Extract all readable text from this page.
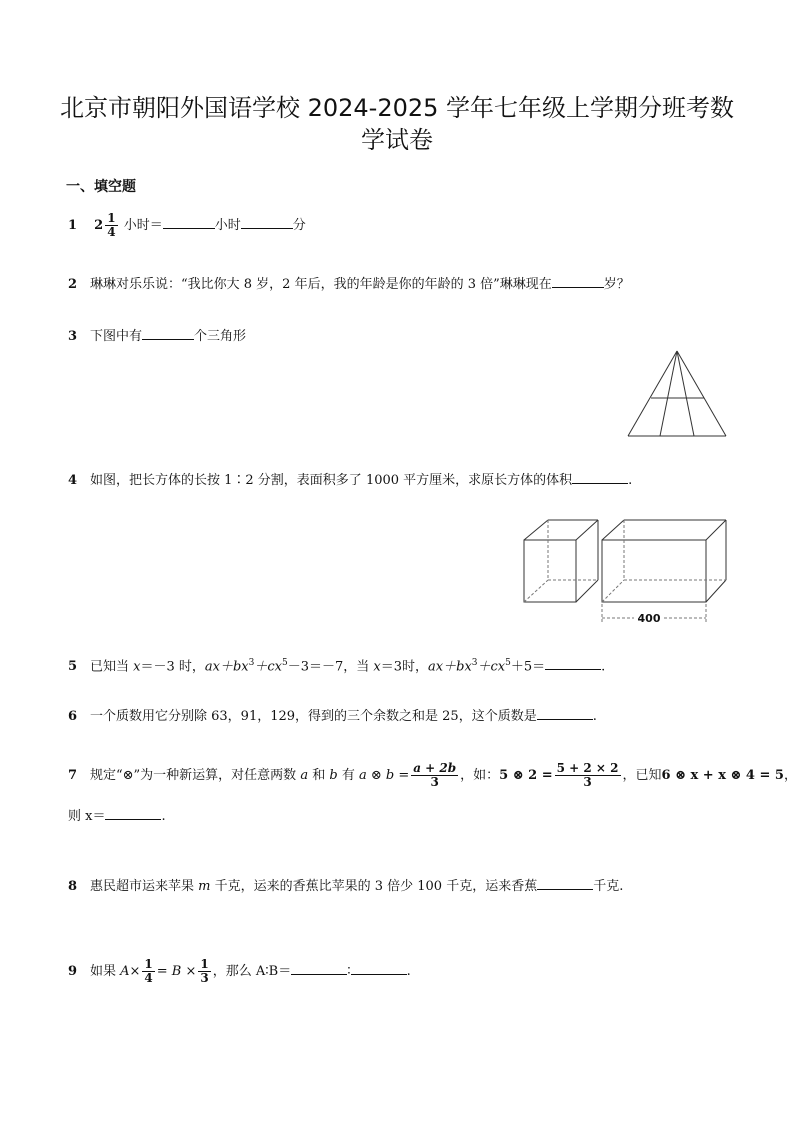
北京市朝阳外国语学校 2024-2025 学年七年级上学期分班考数
学试卷
一、填空题
1 $2 \frac{1}{4}$ 小时＝	小时	分
2 琳琳对乐乐说：“我比你大 8 岁，2 年后，我的年龄是你的年龄的 3 倍”琳琳现在	岁？
3 下图中有	个三角形
4 如图，把长方体的长按 1∶2 分割，表面积多了 1000 平方厘米，求原长方体的体积	.
400
5 已知当 x＝－3 时，$ax+bx^3+cx^5-3=-7$，当 x＝3时，$ax+bx^3+cx^5+5=$	.
6 一个质数用它分别除 63，91，129，得到的三个余数之和是 25，这个质数是	.
7 规定“⊗”为一种新运算，对任意两数 a 和 b 有 a ⊗ $b = \frac{a + 2b}{3}$ ，如：5 ⊗ $2 = \frac{5 + 2 \times 2}{3}$ ，已知6 ⊗ x + x ⊗ 4 = 5，
则 x＝	.
8 惠民超市运来苹果 m 千克，运来的香蕉比苹果的 3 倍少 100 千克，运来香蕉	千克.
9 如果 $A\times \frac{1}{4} = B \times \frac{1}{3}$ ，那么 A∶B＝	∶	.
